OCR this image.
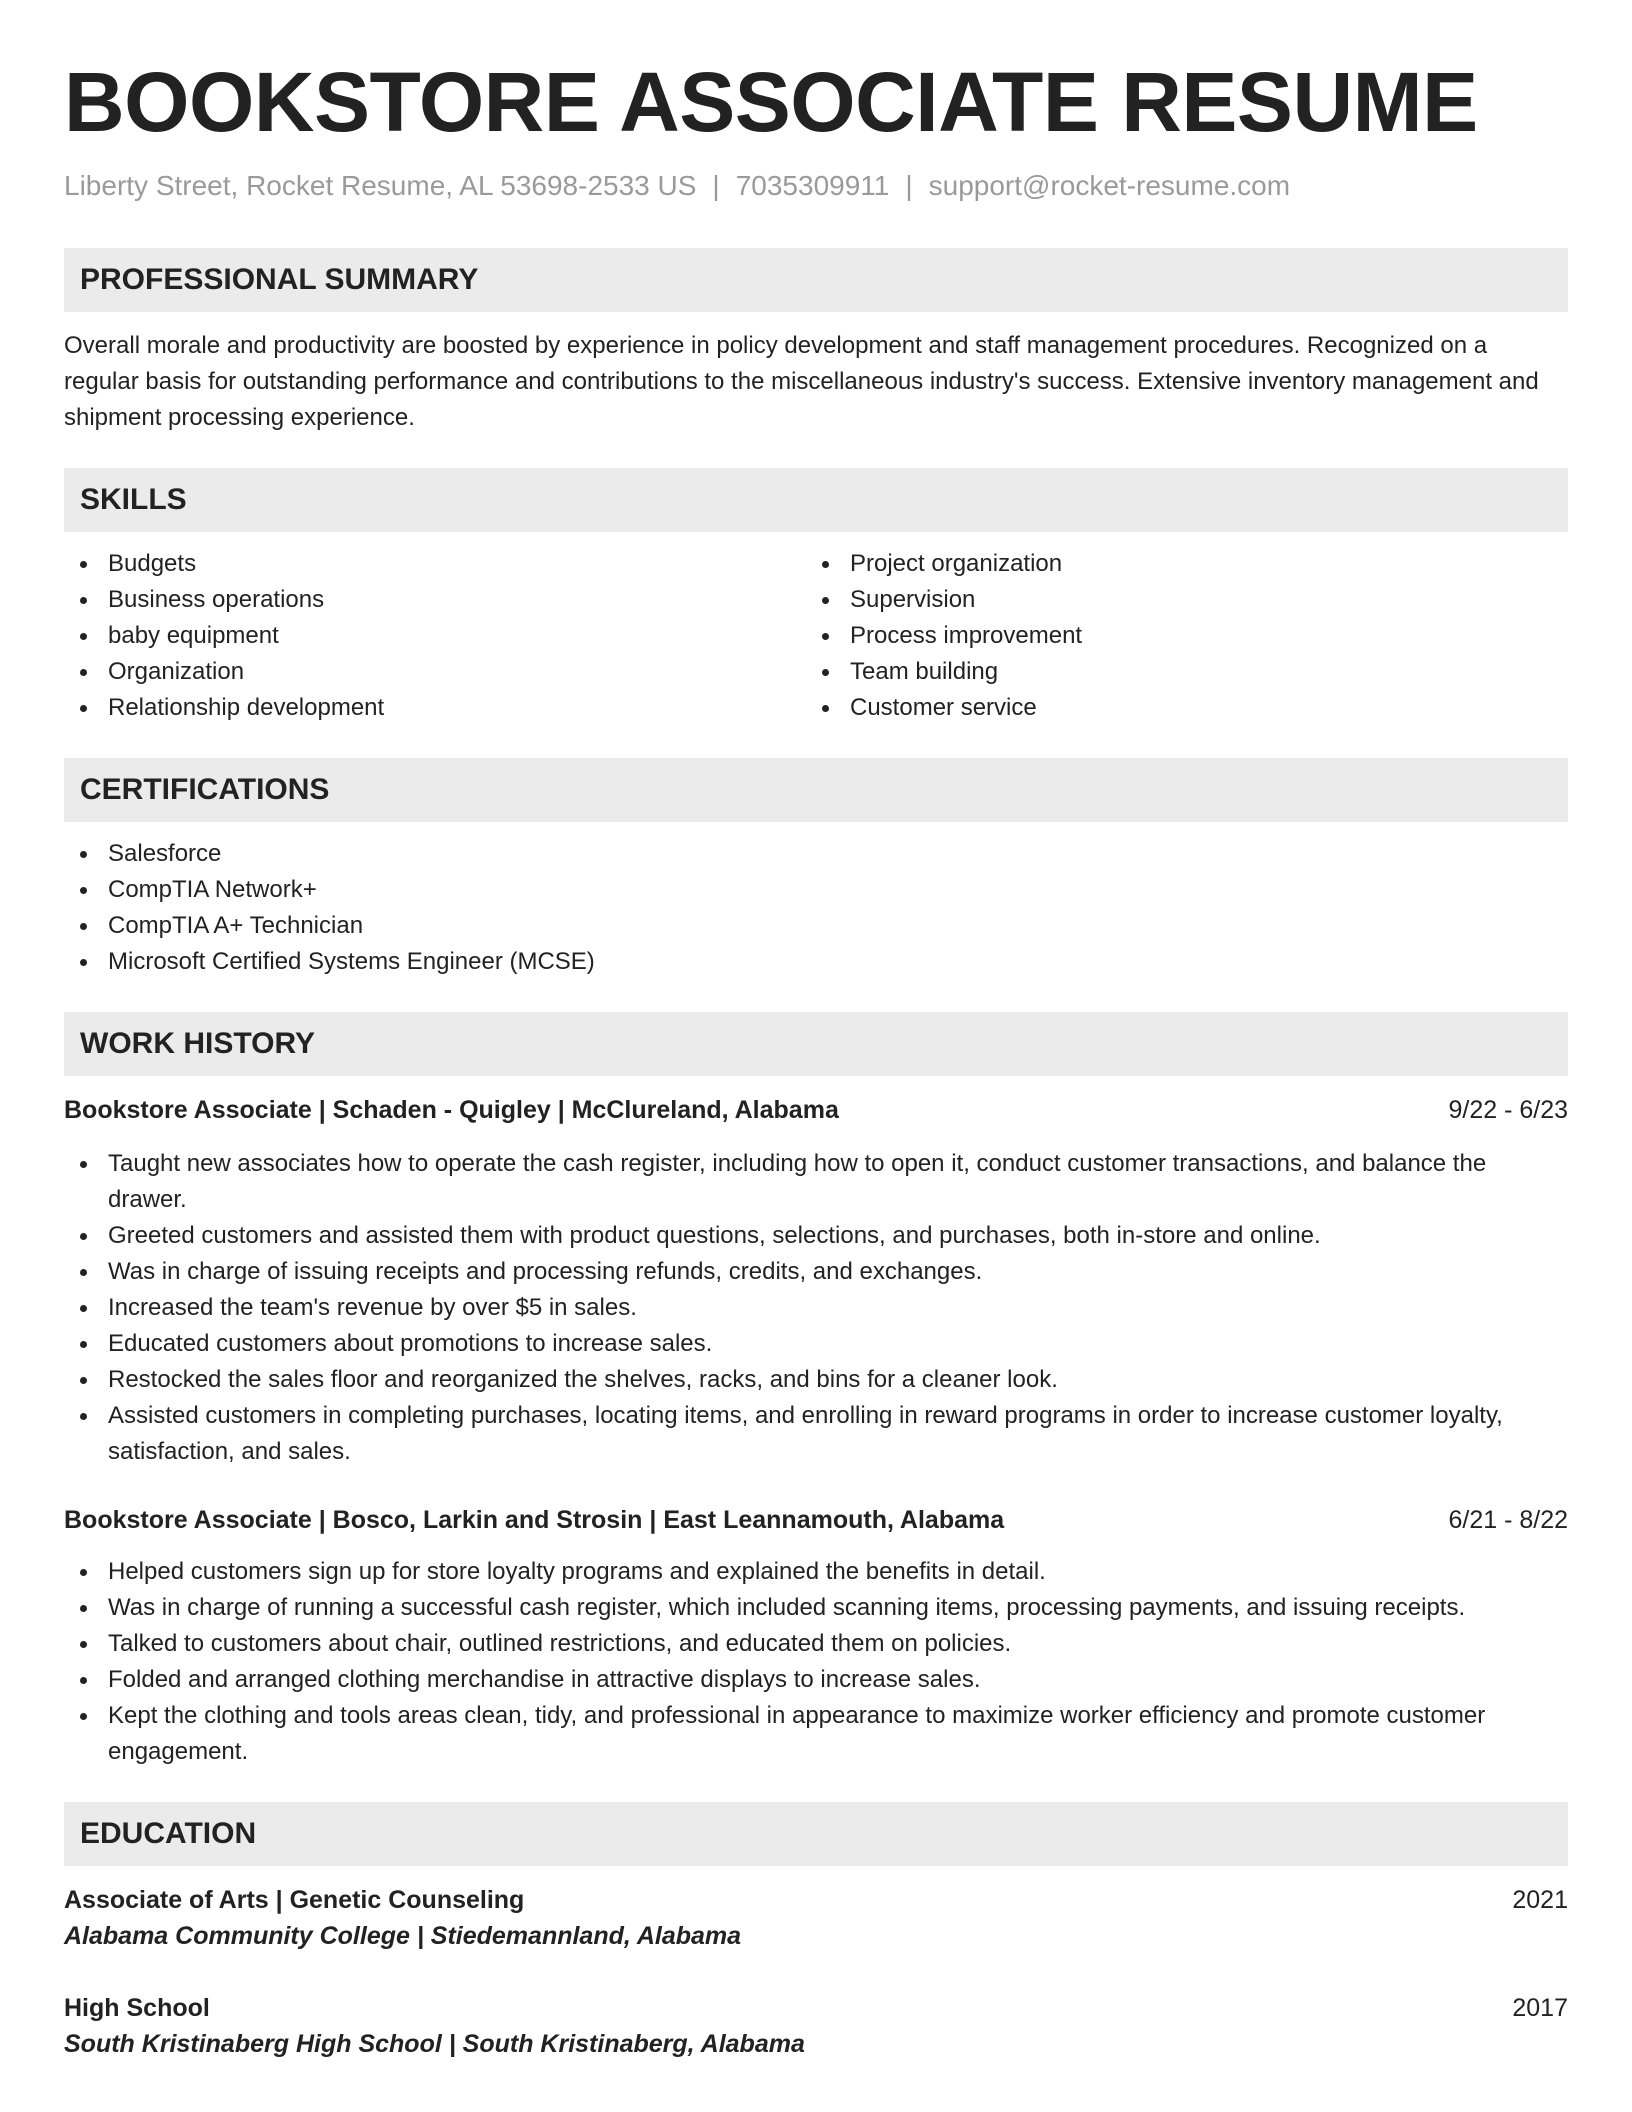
BOOKSTORE ASSOCIATE RESUME
Liberty Street, Rocket Resume, AL 53698-2533 US | 7035309911 | support@rocket-resume.com
PROFESSIONAL SUMMARY
Overall morale and productivity are boosted by experience in policy development and staff management procedures. Recognized on a regular basis for outstanding performance and contributions to the miscellaneous industry's success. Extensive inventory management and shipment processing experience.
SKILLS
Budgets
Business operations
baby equipment
Organization
Relationship development
Project organization
Supervision
Process improvement
Team building
Customer service
CERTIFICATIONS
Salesforce
CompTIA Network+
CompTIA A+ Technician
Microsoft Certified Systems Engineer (MCSE)
WORK HISTORY
Bookstore Associate | Schaden - Quigley | McClureland, Alabama	9/22 - 6/23
Taught new associates how to operate the cash register, including how to open it, conduct customer transactions, and balance the drawer.
Greeted customers and assisted them with product questions, selections, and purchases, both in-store and online.
Was in charge of issuing receipts and processing refunds, credits, and exchanges.
Increased the team's revenue by over $5 in sales.
Educated customers about promotions to increase sales.
Restocked the sales floor and reorganized the shelves, racks, and bins for a cleaner look.
Assisted customers in completing purchases, locating items, and enrolling in reward programs in order to increase customer loyalty, satisfaction, and sales.
Bookstore Associate | Bosco, Larkin and Strosin | East Leannamouth, Alabama	6/21 - 8/22
Helped customers sign up for store loyalty programs and explained the benefits in detail.
Was in charge of running a successful cash register, which included scanning items, processing payments, and issuing receipts.
Talked to customers about chair, outlined restrictions, and educated them on policies.
Folded and arranged clothing merchandise in attractive displays to increase sales.
Kept the clothing and tools areas clean, tidy, and professional in appearance to maximize worker efficiency and promote customer engagement.
EDUCATION
Associate of Arts | Genetic Counseling	2021
Alabama Community College | Stiedemannland, Alabama
High School	2017
South Kristinaberg High School | South Kristinaberg, Alabama
